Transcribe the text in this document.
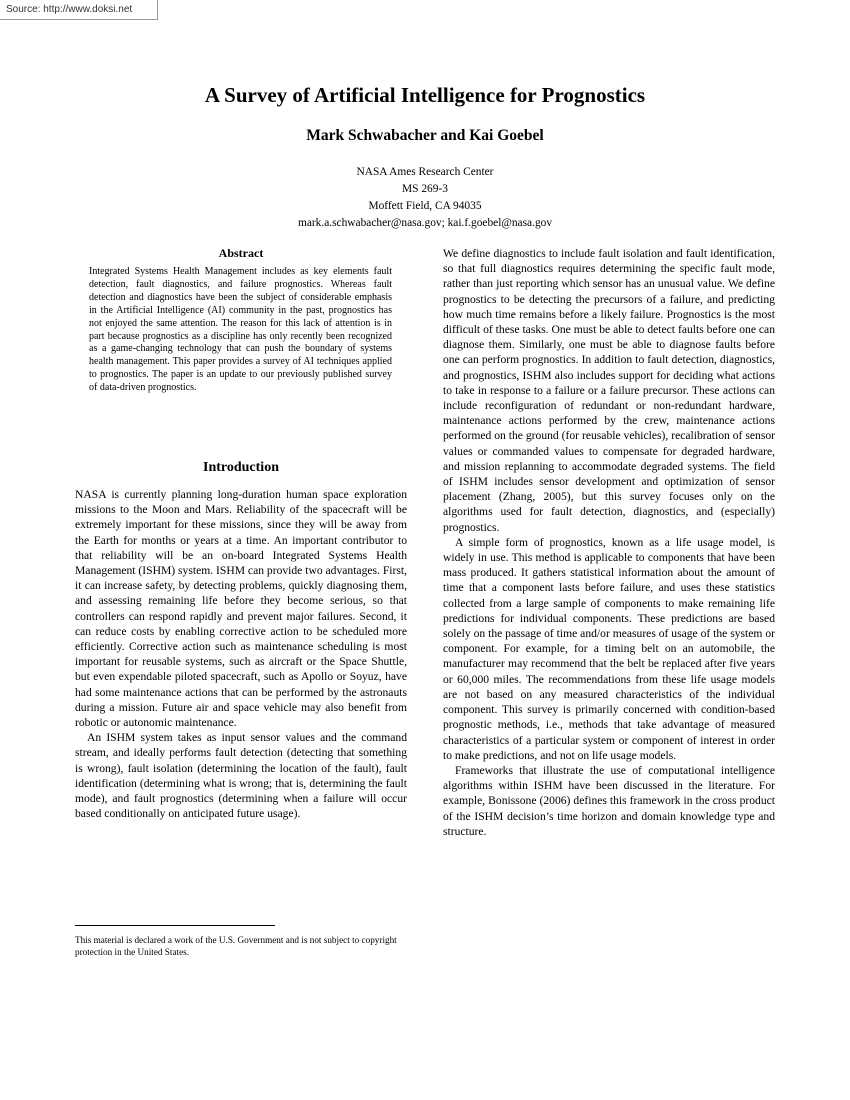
Source: http://www.doksi.net
A Survey of Artificial Intelligence for Prognostics
Mark Schwabacher and Kai Goebel
NASA Ames Research Center
MS 269-3
Moffett Field, CA 94035
mark.a.schwabacher@nasa.gov; kai.f.goebel@nasa.gov
Abstract

Integrated Systems Health Management includes as key elements fault detection, fault diagnostics, and failure prognostics. Whereas fault detection and diagnostics have been the subject of considerable emphasis in the Artificial Intelligence (AI) community in the past, prognostics has not enjoyed the same attention. The reason for this lack of attention is in part because prognostics as a discipline has only recently been recognized as a game-changing technology that can push the boundary of systems health management. This paper provides a survey of AI techniques applied to prognostics. The paper is an update to our previously published survey of data-driven prognostics.

Introduction

NASA is currently planning long-duration human space exploration missions to the Moon and Mars. Reliability of the spacecraft will be extremely important for these missions, since they will be away from the Earth for months or years at a time. An important contributor to that reliability will be an on-board Integrated Systems Health Management (ISHM) system. ISHM can provide two advantages. First, it can increase safety, by detecting problems, quickly diagnosing them, and assessing remaining life before they become serious, so that controllers can respond rapidly and prevent major failures. Second, it can reduce costs by enabling corrective action to be scheduled more efficiently. Corrective action such as maintenance scheduling is most important for reusable systems, such as aircraft or the Space Shuttle, but even expendable piloted spacecraft, such as Apollo or Soyuz, have had some maintenance actions that can be performed by the astronauts during a mission. Future air and space vehicle may also benefit from robotic or autonomic maintenance.

An ISHM system takes as input sensor values and the command stream, and ideally performs fault detection (detecting that something is wrong), fault isolation (determining the location of the fault), fault identification (determining what is wrong; that is, determining the fault mode), and fault prognostics (determining when a failure will occur based conditionally on anticipated future usage).

This material is declared a work of the U.S. Government and is not subject to copyright protection in the United States.

We define diagnostics to include fault isolation and fault identification, so that full diagnostics requires determining the specific fault mode, rather than just reporting which sensor has an unusual value. We define prognostics to be detecting the precursors of a failure, and predicting how much time remains before a likely failure. Prognostics is the most difficult of these tasks. One must be able to detect faults before one can diagnose them. Similarly, one must be able to diagnose faults before one can perform prognostics. In addition to fault detection, diagnostics, and prognostics, ISHM also includes support for deciding what actions to take in response to a failure or a failure precursor. These actions can include reconfiguration of redundant or non-redundant hardware, maintenance actions performed by the crew, maintenance actions performed on the ground (for reusable vehicles), recalibration of sensor values or commanded values to compensate for degraded hardware, and mission replanning to accommodate degraded systems. The field of ISHM includes sensor development and optimization of sensor placement (Zhang, 2005), but this survey focuses only on the algorithms used for fault detection, diagnostics, and (especially) prognostics.

A simple form of prognostics, known as a life usage model, is widely in use. This method is applicable to components that have been mass produced. It gathers statistical information about the amount of time that a component lasts before failure, and uses these statistics collected from a large sample of components to make remaining life predictions for individual components. These predictions are based solely on the passage of time and/or measures of usage of the system or component. For example, for a timing belt on an automobile, the manufacturer may recommend that the belt be replaced after five years or 60,000 miles. The recommendations from these life usage models are not based on any measured characteristics of the individual component. This survey is primarily concerned with condition-based prognostic methods, i.e., methods that take advantage of measured characteristics of a particular system or component of interest in order to make predictions, and not on life usage models.

Frameworks that illustrate the use of computational intelligence algorithms within ISHM have been discussed in the literature. For example, Bonissone (2006) defines this framework in the cross product of the ISHM decision’s time horizon and domain knowledge type and structure.
